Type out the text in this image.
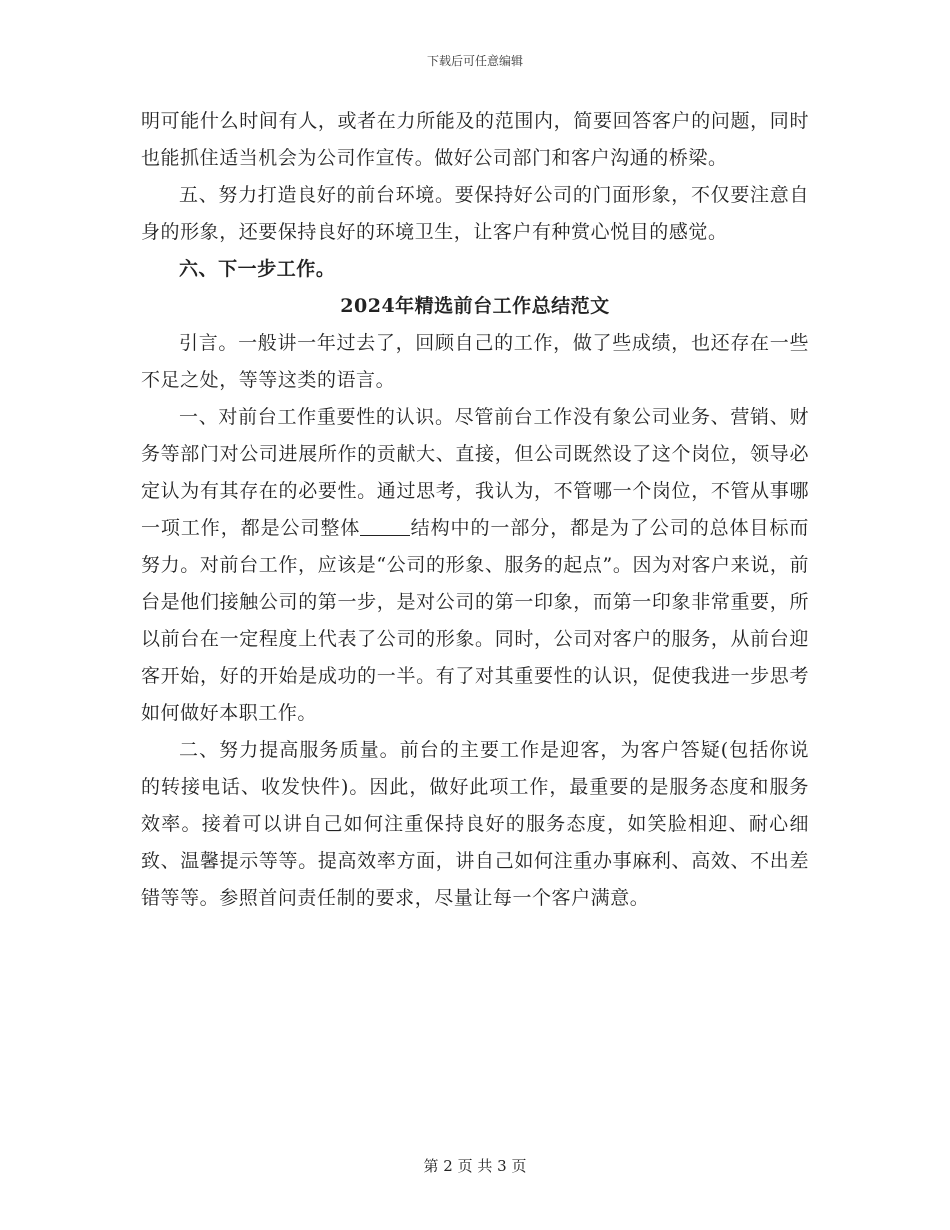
下载后可任意编辑

明可能什么时间有人，或者在力所能及的范围内，简要回答客户的问题，同时也能抓住适当机会为公司作宣传。做好公司部门和客户沟通的桥梁。

五、努力打造良好的前台环境。要保持好公司的门面形象，不仅要注意自身的形象，还要保持良好的环境卫生，让客户有种赏心悦目的感觉。

六、下一步工作。

2024年精选前台工作总结范文

引言。一般讲一年过去了，回顾自己的工作，做了些成绩，也还存在一些不足之处，等等这类的语言。

一、对前台工作重要性的认识。尽管前台工作没有象公司业务、营销、财务等部门对公司进展所作的贡献大、直接，但公司既然设了这个岗位，领导必定认为有其存在的必要性。通过思考，我认为，不管哪一个岗位，不管从事哪一项工作，都是公司整体	结构中的一部分，都是为了公司的总体目标而努力。对前台工作，应该是“公司的形象、服务的起点”。因为对客户来说，前台是他们接触公司的第一步，是对公司的第一印象，而第一印象非常重要，所以前台在一定程度上代表了公司的形象。同时，公司对客户的服务，从前台迎客开始，好的开始是成功的一半。有了对其重要性的认识，促使我进一步思考如何做好本职工作。

二、努力提高服务质量。前台的主要工作是迎客，为客户答疑(包括你说的转接电话、收发快件)。因此，做好此项工作，最重要的是服务态度和服务效率。接着可以讲自己如何注重保持良好的服务态度，如笑脸相迎、耐心细致、温馨提示等等。提高效率方面，讲自己如何注重办事麻利、高效、不出差错等等。参照首问责任制的要求，尽量让每一个客户满意。

第 2 页 共 3 页
